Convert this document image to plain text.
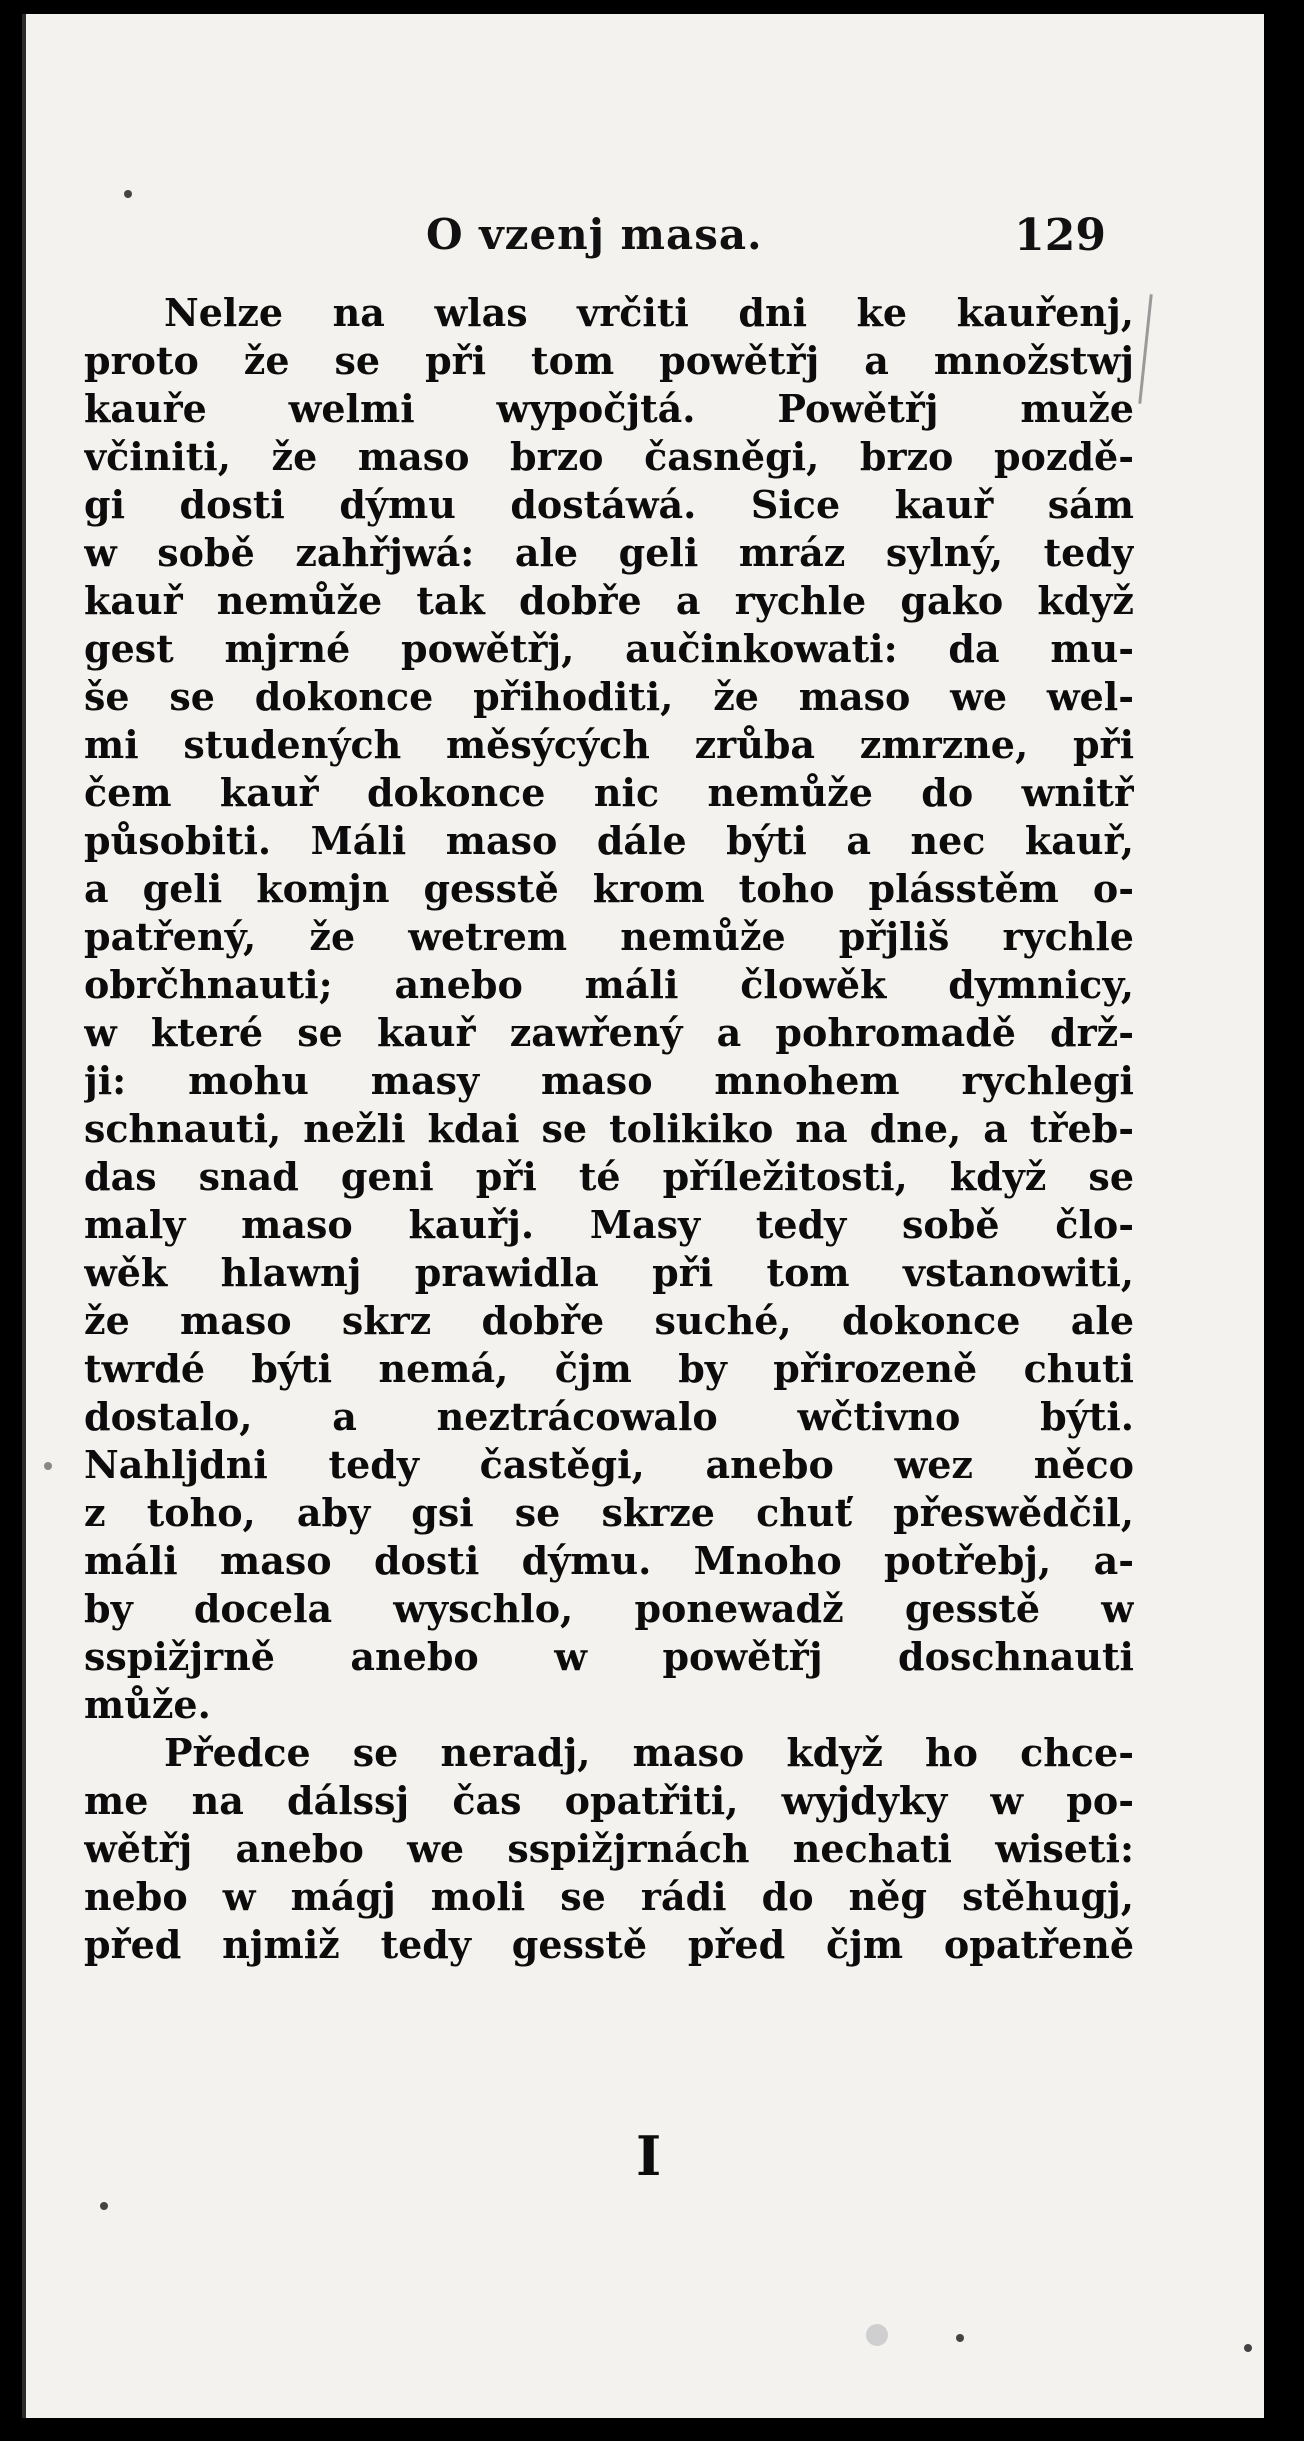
O vzenj masa.	129
Nelze na wlas vrčiti dni ke kauřenj,
proto že se při tom powětřj a množstwj
kauře welmi wypočjtá. Powětřj muže
včiniti, že maso brzo časněgi, brzo pozdě-
gi dosti dýmu dostáwá. Sice kauř sám
w sobě zahřjwá: ale geli mráz sylný, tedy
kauř nemůže tak dobře a rychle gako když
gest mjrné powětřj, aučinkowati: da mu-
še se dokonce přihoditi, že maso we wel-
mi studených měsýcých zrůba zmrzne, při
čem kauř dokonce nic nemůže do wnitř
působiti. Máli maso dále býti a nec kauř,
a geli komjn gesstě krom toho plásstěm o-
patřený, že wetrem nemůže přjliš rychle
obrčhnauti; anebo máli člowěk dymnicy,
w které se kauř zawřený a pohromadě drž-
ji: mohu masy maso mnohem rychlegi
schnauti, nežli kdai se tolikiko na dne, a třeb-
das snad geni při té příležitosti, když se
maly maso kauřj. Masy tedy sobě člo-
wěk hlawnj prawidla při tom vstanowiti,
že maso skrz dobře suché, dokonce ale
twrdé býti nemá, čjm by přirozeně chuti
dostalo, a neztrácowalo wčtivno býti.
Nahljdni tedy častěgi, anebo wez něco
z toho, aby gsi se skrze chuť přeswědčil,
máli maso dosti dýmu. Mnoho potřebj, a-
by docela wyschlo, ponewadž gesstě w
sspižjrně anebo w powětřj doschnauti
může.
Předce se neradj, maso když ho chce-
me na dálssj čas opatřiti, wyjdyky w po-
wětřj anebo we sspižjrnách nechati wiseti:
nebo w mágj moli se rádi do něg stěhugj,
před njmiž tedy gesstě před čjm opatřeně
I
